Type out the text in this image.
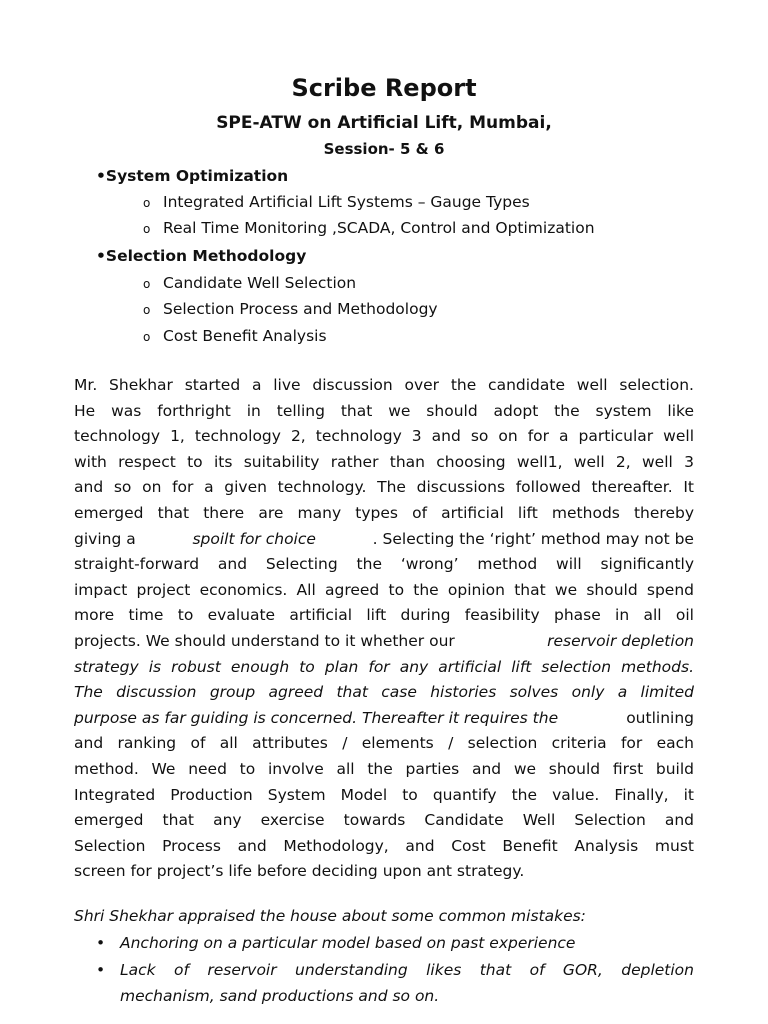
Scribe Report
SPE-ATW on Artificial Lift, Mumbai,
Session- 5 & 6
•System Optimization
o Integrated Artificial Lift Systems – Gauge Types
o Real Time Monitoring ,SCADA, Control and Optimization
•Selection Methodology
o Candidate Well Selection
o Selection Process and Methodology
o Cost Benefit Analysis
Mr. Shekhar started a live discussion over the candidate well selection.
He was forthright in telling that we should adopt the system like
technology 1, technology 2, technology 3 and so on for a particular well
with respect to its suitability rather than choosing well1, well 2, well 3
and so on for a given technology. The discussions followed thereafter. It
emerged that there are many types of artificial lift methods thereby
giving a	spoilt for choice	. Selecting the ‘right’ method may not be
straight-forward and Selecting the ‘wrong’ method will significantly
impact project economics. All agreed to the opinion that we should spend
more time to evaluate artificial lift during feasibility phase in all oil
projects. We should understand to it whether our	reservoir depletion
strategy is robust enough to plan for any artificial lift selection methods.
The discussion group agreed that case histories solves only a limited
purpose as far guiding is concerned. Thereafter it requires the	outlining
and ranking of all attributes / elements / selection criteria for each
method. We need to involve all the parties and we should first build
Integrated Production System Model to quantify the value. Finally, it
emerged that any exercise towards Candidate Well Selection and
Selection Process and Methodology, and Cost Benefit Analysis must
screen for project’s life before deciding upon ant strategy.
Shri Shekhar appraised the house about some common mistakes:
• Anchoring on a particular model based on past experience
• Lack of reservoir understanding likes that of GOR, depletion
mechanism, sand productions and so on.
